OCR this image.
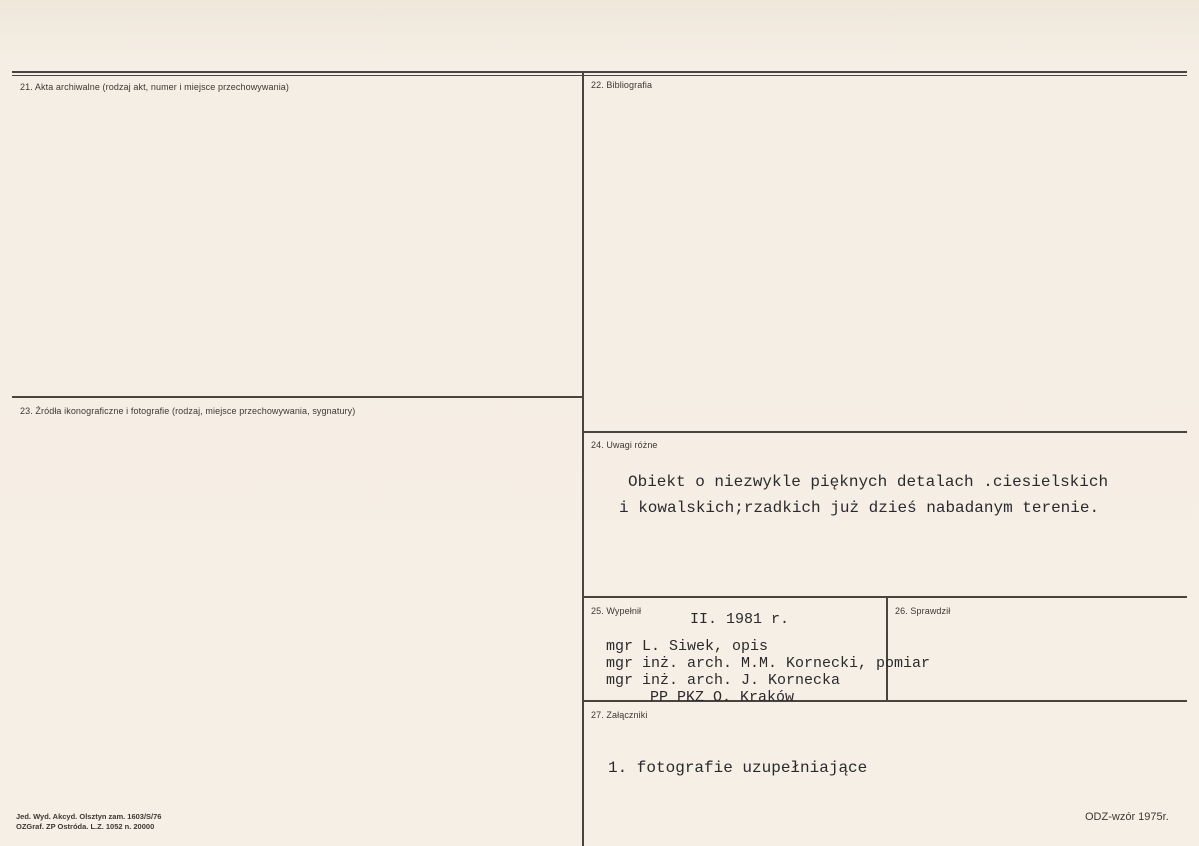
21. Akta archiwalne (rodzaj akt, numer i miejsce przechowywania)	22. Bibliografia
23. Źródła ikonograficzne i fotografie (rodzaj, miejsce przechowywania, sygnatury)
24. Uwagi różne
25. Wypełnił	26. Sprawdził
27. Załączniki
Obiekt o niezwykle pięknych detalach .ciesielskich
i kowalskich;rzadkich już dzieś nabadanym terenie.
II. 1981 r.
mgr L. Siwek, opis
mgr inż. arch. M.M. Kornecki, pomiar
mgr inż. arch. J. Kornecka
PP PKZ O. Kraków
1. fotografie uzupełniające
Jed. Wyd. Akcyd. Olsztyn zam. 1603/S/76
OZGraf. ZP Ostróda. L.Z. 1052 n. 20000
ODZ-wzór 1975r.
